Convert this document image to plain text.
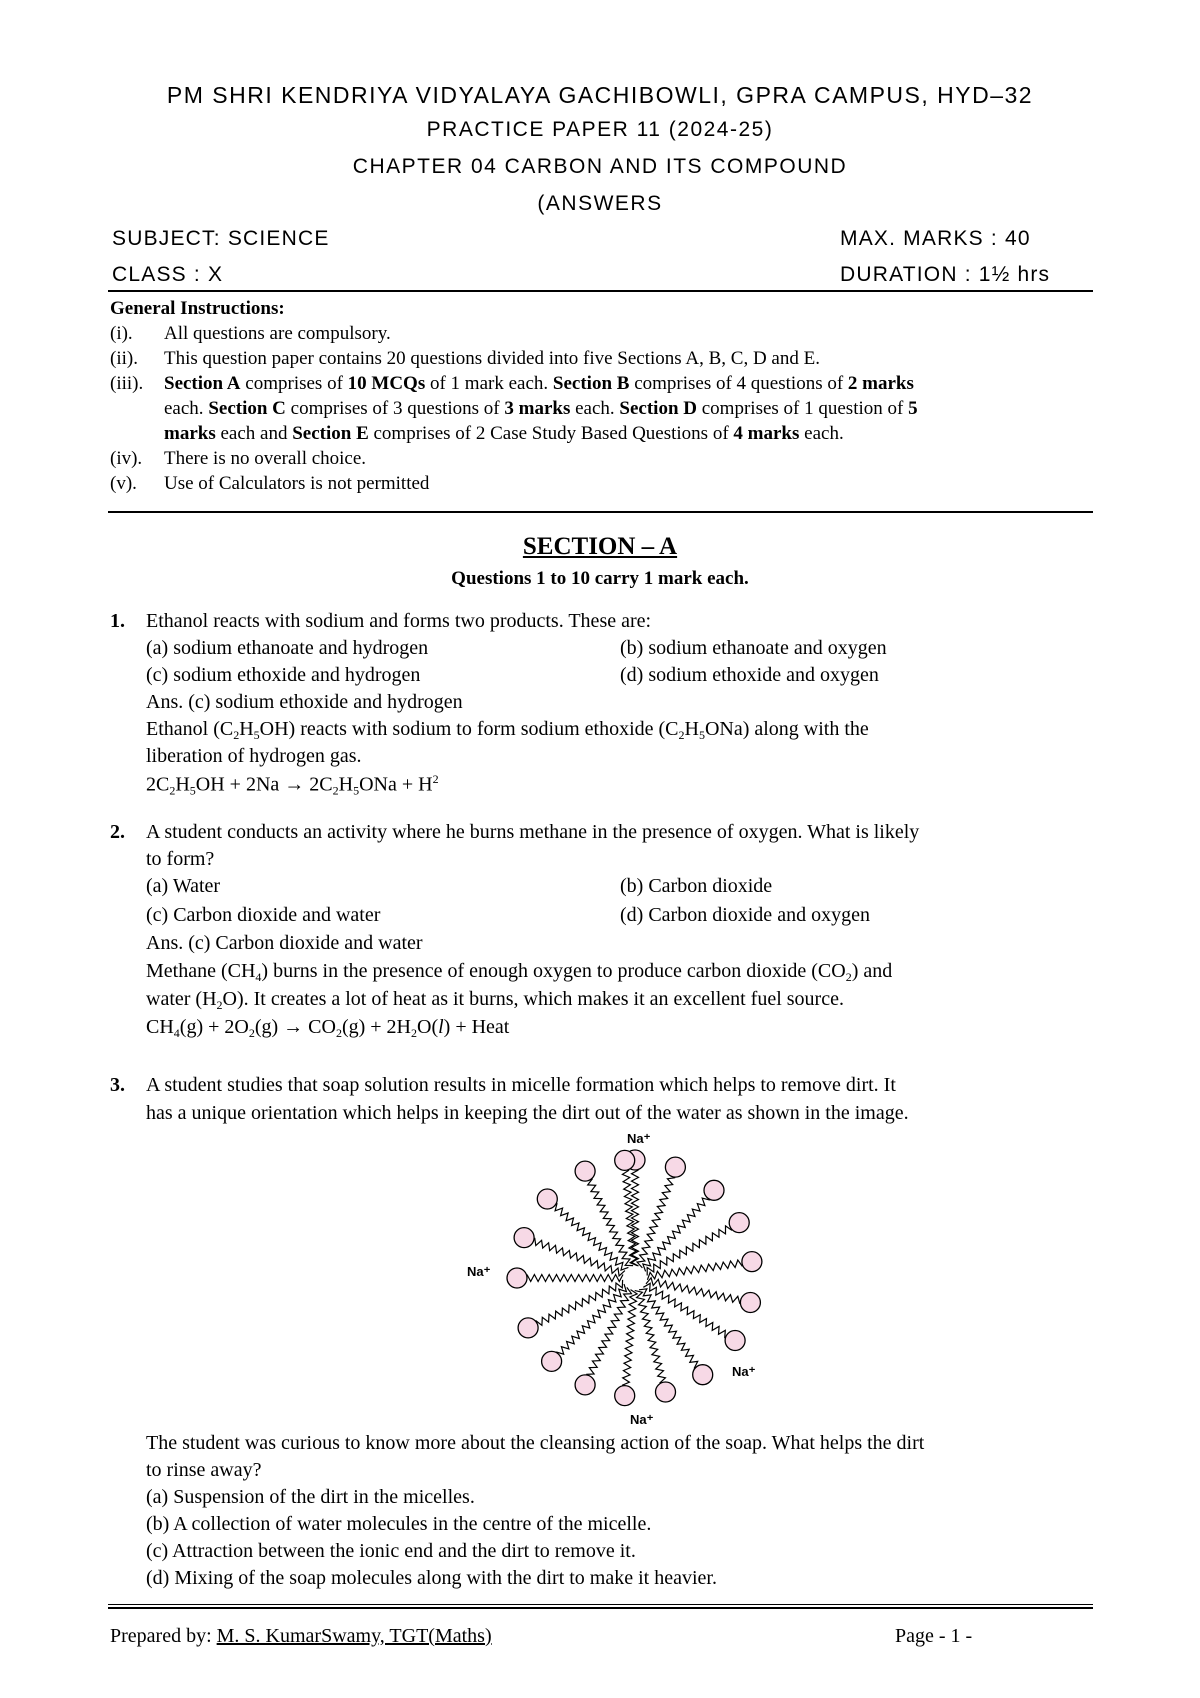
PM SHRI KENDRIYA VIDYALAYA GACHIBOWLI, GPRA CAMPUS, HYD–32
PRACTICE PAPER 11 (2024-25)
CHAPTER 04 CARBON AND ITS COMPOUND
(ANSWERS
SUBJECT: SCIENCE	MAX. MARKS : 40
CLASS : X	DURATION : 1½ hrs
General Instructions:
(i). All questions are compulsory.
(ii). This question paper contains 20 questions divided into five Sections A, B, C, D and E.
(iii). Section A comprises of 10 MCQs of 1 mark each. Section B comprises of 4 questions of 2 marks
each. Section C comprises of 3 questions of 3 marks each. Section D comprises of 1 question of 5
marks each and Section E comprises of 2 Case Study Based Questions of 4 marks each.
(iv). There is no overall choice.
(v). Use of Calculators is not permitted
SECTION – A
Questions 1 to 10 carry 1 mark each.
1. Ethanol reacts with sodium and forms two products. These are:
(a) sodium ethanoate and hydrogen	(b) sodium ethanoate and oxygen
(c) sodium ethoxide and hydrogen	(d) sodium ethoxide and oxygen
Ans. (c) sodium ethoxide and hydrogen
Ethanol $(C_2H_5OH)$ reacts with sodium to form sodium ethoxide $(C_2H_5ONa)$ along with the
liberation of hydrogen gas.
$2C_2H_5OH + 2Na \to 2C_2H_5ONa + H^2$
2. A student conducts an activity where he burns methane in the presence of oxygen. What is likely
to form?
(a) Water	(b) Carbon dioxide
(c) Carbon dioxide and water	(d) Carbon dioxide and oxygen
Ans. (c) Carbon dioxide and water
Methane $(CH_4)$ burns in the presence of enough oxygen to produce carbon dioxide $(CO_2)$ and
water $(H_2O)$. It creates a lot of heat as it burns, which makes it an excellent fuel source.
$CH_4(g) + 2O_2(g) \to CO_2(g) + 2H_2O(l)$ + Heat
3. A student studies that soap solution results in micelle formation which helps to remove dirt. It
has a unique orientation which helps in keeping the dirt out of the water as shown in the image.
Na⁺
Na⁺
Na⁺
Na⁺
The student was curious to know more about the cleansing action of the soap. What helps the dirt
to rinse away?
(a) Suspension of the dirt in the micelles.
(b) A collection of water molecules in the centre of the micelle.
(c) Attraction between the ionic end and the dirt to remove it.
(d) Mixing of the soap molecules along with the dirt to make it heavier.
Prepared by: M. S. KumarSwamy, TGT(Maths)	Page - 1 -
